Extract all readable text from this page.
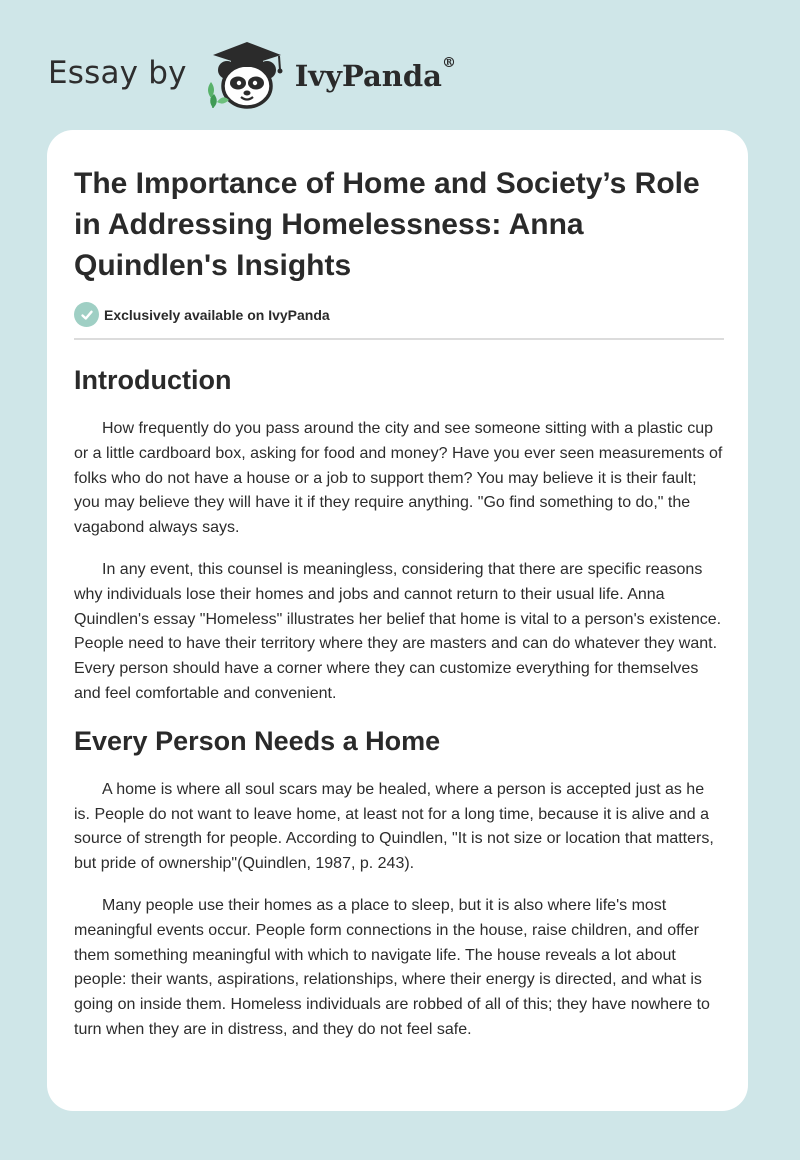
Essay by	IvyPanda®
The Importance of Home and Society’s Role in Addressing Homelessness: Anna Quindlen's Insights
Exclusively available on IvyPanda
Introduction

How frequently do you pass around the city and see someone sitting with a plastic cup or a little cardboard box, asking for food and money? Have you ever seen measurements of folks who do not have a house or a job to support them? You may believe it is their fault; you may believe they will have it if they require anything. "Go find something to do," the vagabond always says.

In any event, this counsel is meaningless, considering that there are specific reasons why individuals lose their homes and jobs and cannot return to their usual life. Anna Quindlen's essay "Homeless" illustrates her belief that home is vital to a person's existence. People need to have their territory where they are masters and can do whatever they want. Every person should have a corner where they can customize everything for themselves and feel comfortable and convenient.

Every Person Needs a Home

A home is where all soul scars may be healed, where a person is accepted just as he is. People do not want to leave home, at least not for a long time, because it is alive and a source of strength for people. According to Quindlen, "It is not size or location that matters, but pride of ownership"(Quindlen, 1987, p. 243).

Many people use their homes as a place to sleep, but it is also where life's most meaningful events occur. People form connections in the house, raise children, and offer them something meaningful with which to navigate life. The house reveals a lot about people: their wants, aspirations, relationships, where their energy is directed, and what is going on inside them. Homeless individuals are robbed of all of this; they have nowhere to turn when they are in distress, and they do not feel safe.
